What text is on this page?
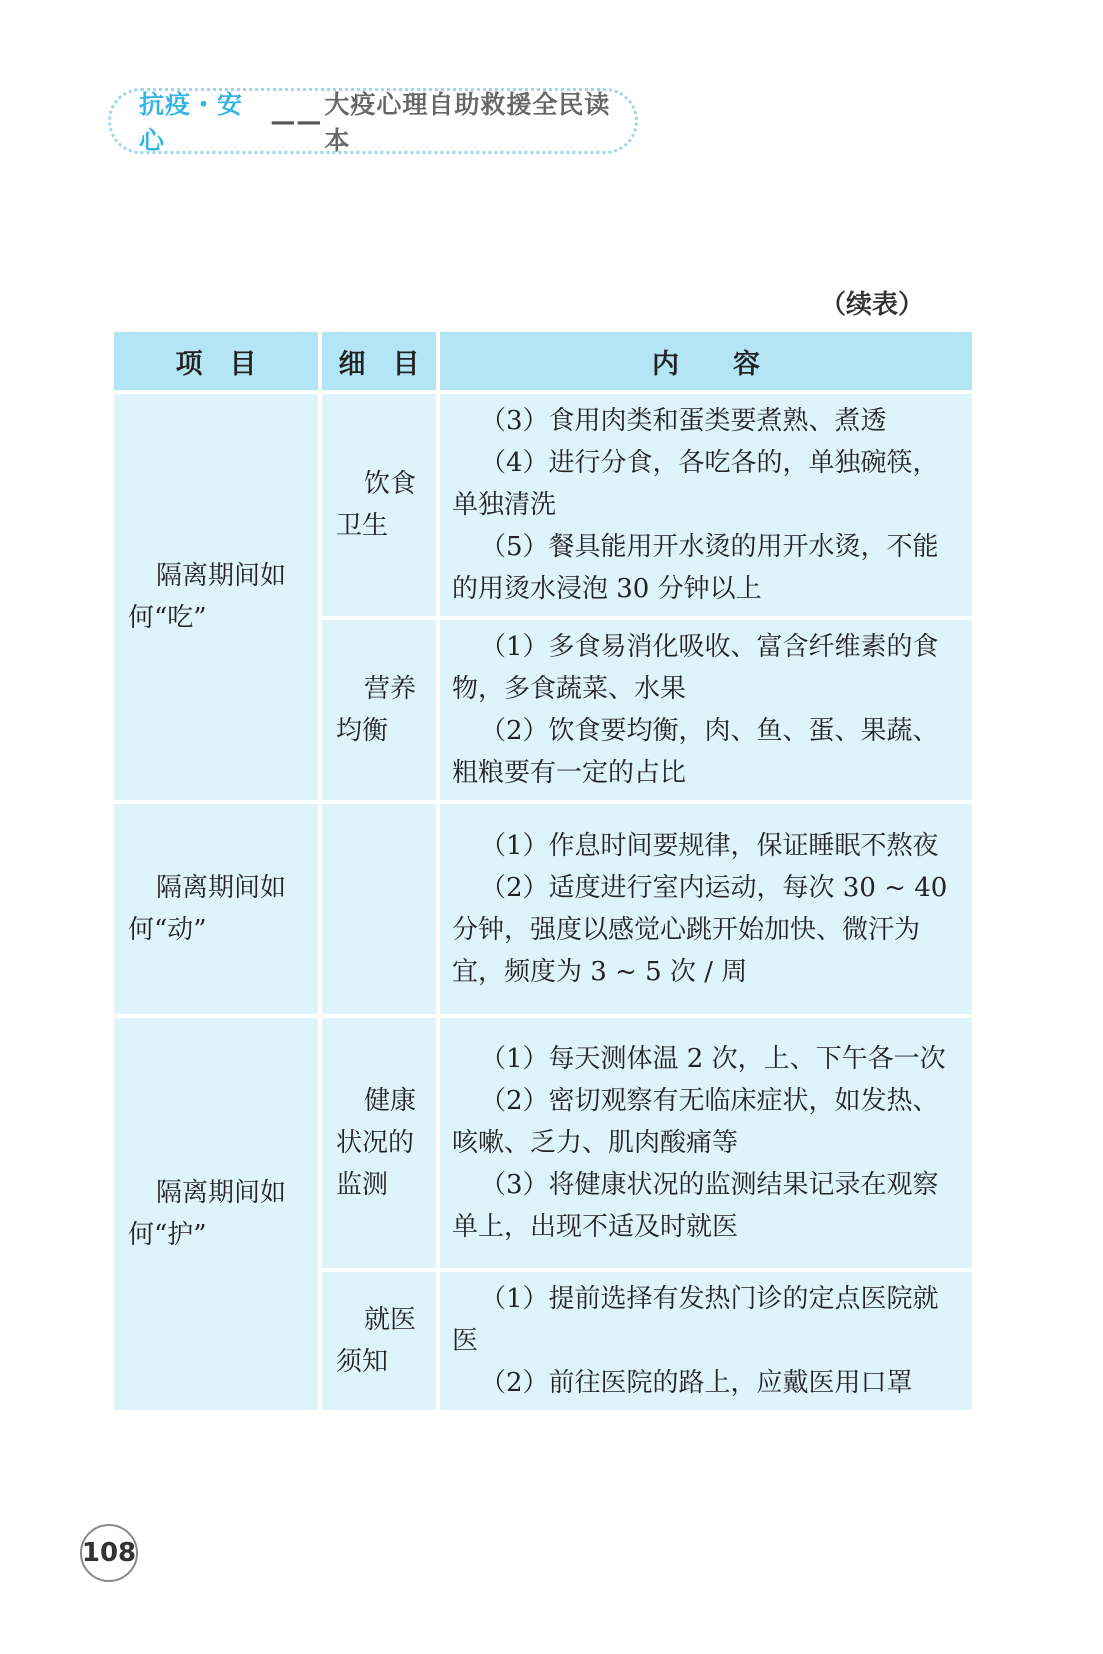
抗疫・安心
——
大疫心理自助救援全民读本
（续表）
项　目	细　目	内　　容

隔离期间如何“吃”	饮食卫生	（3）食用肉类和蛋类要煮熟、煮透

（4）进行分食，各吃各的，单独碗筷，单独清洗

（5）餐具能用开水烫的用开水烫，不能的用烫水浸泡 30 分钟以上

	营养均衡	（1）多食易消化吸收、富含纤维素的食物，多食蔬菜、水果

（2）饮食要均衡，肉、鱼、蛋、果蔬、粗粮要有一定的占比

隔离期间如何“动”		（1）作息时间要规律，保证睡眠不熬夜

（2）适度进行室内运动，每次 30 ~ 40 分钟，强度以感觉心跳开始加快、微汗为宜，频度为 3 ~ 5 次 / 周

隔离期间如何“护”	健康状况的监测	（1）每天测体温 2 次，上、下午各一次

（2）密切观察有无临床症状，如发热、咳嗽、乏力、肌肉酸痛等

（3）将健康状况的监测结果记录在观察单上，出现不适及时就医

	就医须知	（1）提前选择有发热门诊的定点医院就医

（2）前往医院的路上，应戴医用口罩

108
